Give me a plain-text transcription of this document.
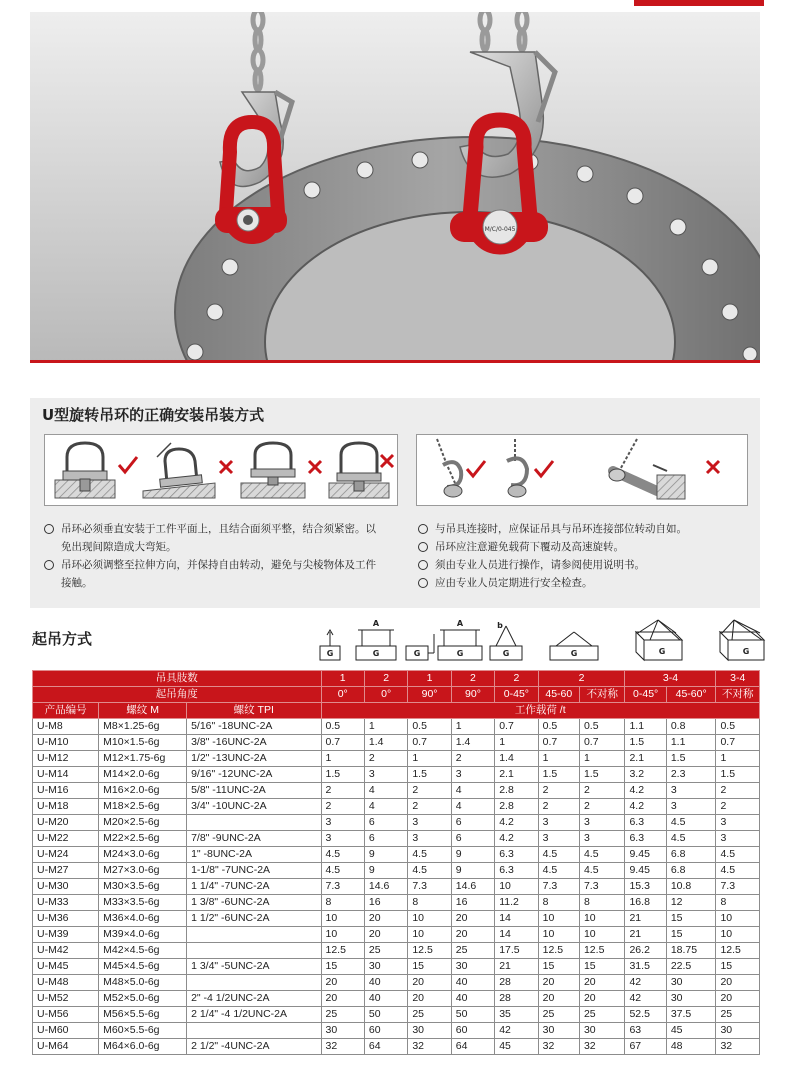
M/C/0-045
U型旋转吊环的正确安装吊装方式
吊环必须垂直安装于工件平面上，且结合面须平整，结合须紧密。以免出现间隙造成大弯矩。
吊环必须调整至拉伸方向，并保持自由转动，避免与尖棱物体及工件接触。
与吊具连接时，应保证吊具与吊环连接部位转动自如。
吊环应注意避免载荷下覆动及高速旋转。
须由专业人员进行操作，请参阅使用说明书。
应由专业人员定期进行安全检查。
起吊方式
G
A
G	G
A
G
b
G	G	G	G
吊具肢数			1	2	1	2	2	2		3-4		3-4
起吊角度			0°	0°	90°	90°	0-45°	45-60	不对称	0-45°	45-60°	不对称
产品编号	螺纹 M	螺纹 TPI	工作载荷 /t									
U-M8	M8×1.25-6g	5/16" -18UNC-2A	0.5	1	0.5	1	0.7	0.5	0.5	1.1	0.8	0.5
U-M10	M10×1.5-6g	3/8" -16UNC-2A	0.7	1.4	0.7	1.4	1	0.7	0.7	1.5	1.1	0.7
U-M12	M12×1.75-6g	1/2" -13UNC-2A	1	2	1	2	1.4	1	1	2.1	1.5	1
U-M14	M14×2.0-6g	9/16" -12UNC-2A	1.5	3	1.5	3	2.1	1.5	1.5	3.2	2.3	1.5
U-M16	M16×2.0-6g	5/8" -11UNC-2A	2	4	2	4	2.8	2	2	4.2	3	2
U-M18	M18×2.5-6g	3/4" -10UNC-2A	2	4	2	4	2.8	2	2	4.2	3	2
U-M20	M20×2.5-6g		3	6	3	6	4.2	3	3	6.3	4.5	3
U-M22	M22×2.5-6g	7/8" -9UNC-2A	3	6	3	6	4.2	3	3	6.3	4.5	3
U-M24	M24×3.0-6g	1" -8UNC-2A	4.5	9	4.5	9	6.3	4.5	4.5	9.45	6.8	4.5
U-M27	M27×3.0-6g	1-1/8" -7UNC-2A	4.5	9	4.5	9	6.3	4.5	4.5	9.45	6.8	4.5
U-M30	M30×3.5-6g	1 1/4" -7UNC-2A	7.3	14.6	7.3	14.6	10	7.3	7.3	15.3	10.8	7.3
U-M33	M33×3.5-6g	1 3/8" -6UNC-2A	8	16	8	16	11.2	8	8	16.8	12	8
U-M36	M36×4.0-6g	1 1/2" -6UNC-2A	10	20	10	20	14	10	10	21	15	10
U-M39	M39×4.0-6g		10	20	10	20	14	10	10	21	15	10
U-M42	M42×4.5-6g		12.5	25	12.5	25	17.5	12.5	12.5	26.2	18.75	12.5
U-M45	M45×4.5-6g	1 3/4" -5UNC-2A	15	30	15	30	21	15	15	31.5	22.5	15
U-M48	M48×5.0-6g		20	40	20	40	28	20	20	42	30	20
U-M52	M52×5.0-6g	2" -4 1/2UNC-2A	20	40	20	40	28	20	20	42	30	20
U-M56	M56×5.5-6g	2 1/4" -4 1/2UNC-2A	25	50	25	50	35	25	25	52.5	37.5	25
U-M60	M60×5.5-6g		30	60	30	60	42	30	30	63	45	30
U-M64	M64×6.0-6g	2 1/2" -4UNC-2A	32	64	32	64	45	32	32	67	48	32
